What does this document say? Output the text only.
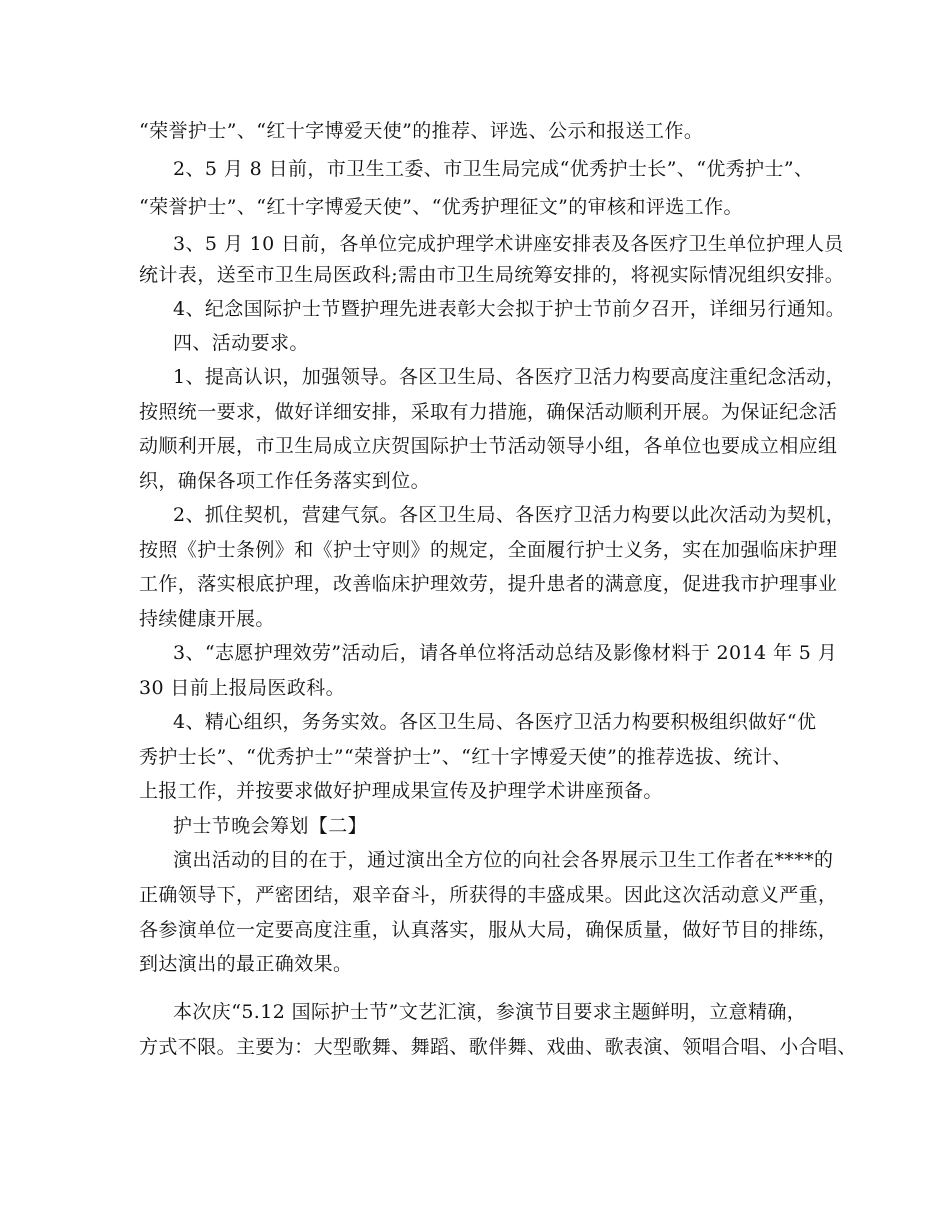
“荣誉护士”、“红十字博爱天使”的推荐、评选、公示和报送工作。
2、5 月 8 日前，市卫生工委、市卫生局完成“优秀护士长”、“优秀护士”、
“荣誉护士”、“红十字博爱天使”、“优秀护理征文”的审核和评选工作。
3、5 月 10 日前，各单位完成护理学术讲座安排表及各医疗卫生单位护理人员
统计表，送至市卫生局医政科;需由市卫生局统筹安排的，将视实际情况组织安排。
4、纪念国际护士节暨护理先进表彰大会拟于护士节前夕召开，详细另行通知。
四、活动要求。
1、提高认识，加强领导。各区卫生局、各医疗卫活力构要高度注重纪念活动，
按照统一要求，做好详细安排，采取有力措施，确保活动顺利开展。为保证纪念活
动顺利开展，市卫生局成立庆贺国际护士节活动领导小组，各单位也要成立相应组
织，确保各项工作任务落实到位。
2、抓住契机，营建气氛。各区卫生局、各医疗卫活力构要以此次活动为契机，
按照《护士条例》和《护士守则》的规定，全面履行护士义务，实在加强临床护理
工作，落实根底护理，改善临床护理效劳，提升患者的满意度，促进我市护理事业
持续健康开展。
3、“志愿护理效劳”活动后，请各单位将活动总结及影像材料于 2014 年 5 月
30 日前上报局医政科。
4、精心组织，务务实效。各区卫生局、各医疗卫活力构要积极组织做好“优
秀护士长”、“优秀护士”“荣誉护士”、“红十字博爱天使”的推荐选拔、统计、
上报工作，并按要求做好护理成果宣传及护理学术讲座预备。
护士节晚会筹划【二】
演出活动的目的在于，通过演出全方位的向社会各界展示卫生工作者在****的
正确领导下，严密团结，艰辛奋斗，所获得的丰盛成果。因此这次活动意义严重，
各参演单位一定要高度注重，认真落实，服从大局，确保质量，做好节目的排练，
到达演出的最正确效果。
本次庆“5.12 国际护士节”文艺汇演，参演节目要求主题鲜明，立意精确，
方式不限。主要为：大型歌舞、舞蹈、歌伴舞、戏曲、歌表演、领唱合唱、小合唱、
